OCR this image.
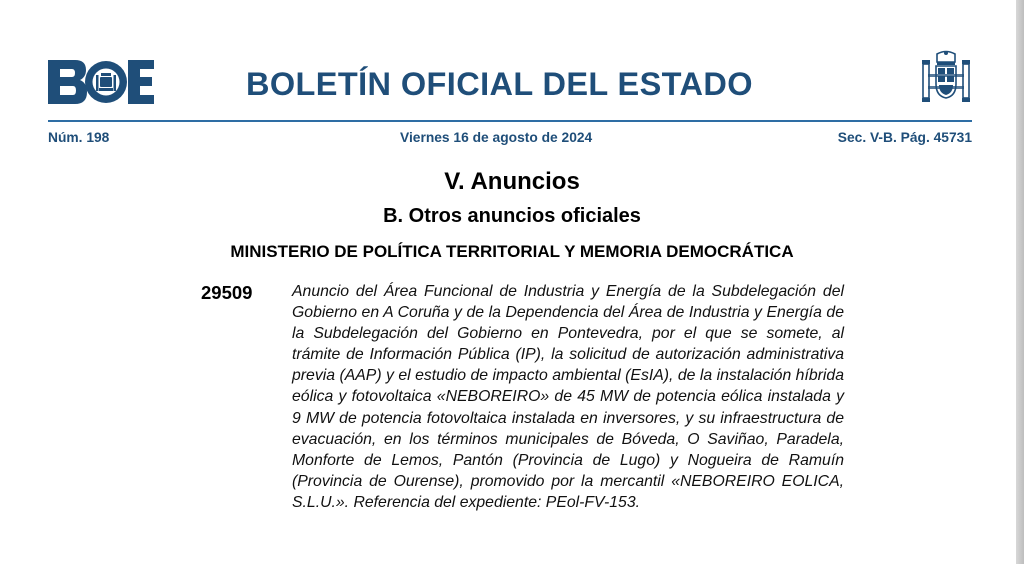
BOLETÍN OFICIAL DEL ESTADO
Núm. 198	Viernes 16 de agosto de 2024	Sec. V-B. Pág. 45731
V. Anuncios
B. Otros anuncios oficiales
MINISTERIO DE POLÍTICA TERRITORIAL Y MEMORIA DEMOCRÁTICA
29509	Anuncio del Área Funcional de Industria y Energía de la Subdelegación del Gobierno en A Coruña y de la Dependencia del Área de Industria y Energía de la Subdelegación del Gobierno en Pontevedra, por el que se somete, al trámite de Información Pública (IP), la solicitud de autorización administrativa previa (AAP) y el estudio de impacto ambiental (EsIA), de la instalación híbrida eólica y fotovoltaica «NEBOREIRO» de 45 MW de potencia eólica instalada y 9 MW de potencia fotovoltaica instalada en inversores, y su infraestructura de evacuación, en los términos municipales de Bóveda, O Saviñao, Paradela, Monforte de Lemos, Pantón (Provincia de Lugo) y Nogueira de Ramuín (Provincia de Ourense), promovido por la mercantil «NEBOREIRO EOLICA, S.L.U.». Referencia del expediente: PEol-FV-153.
